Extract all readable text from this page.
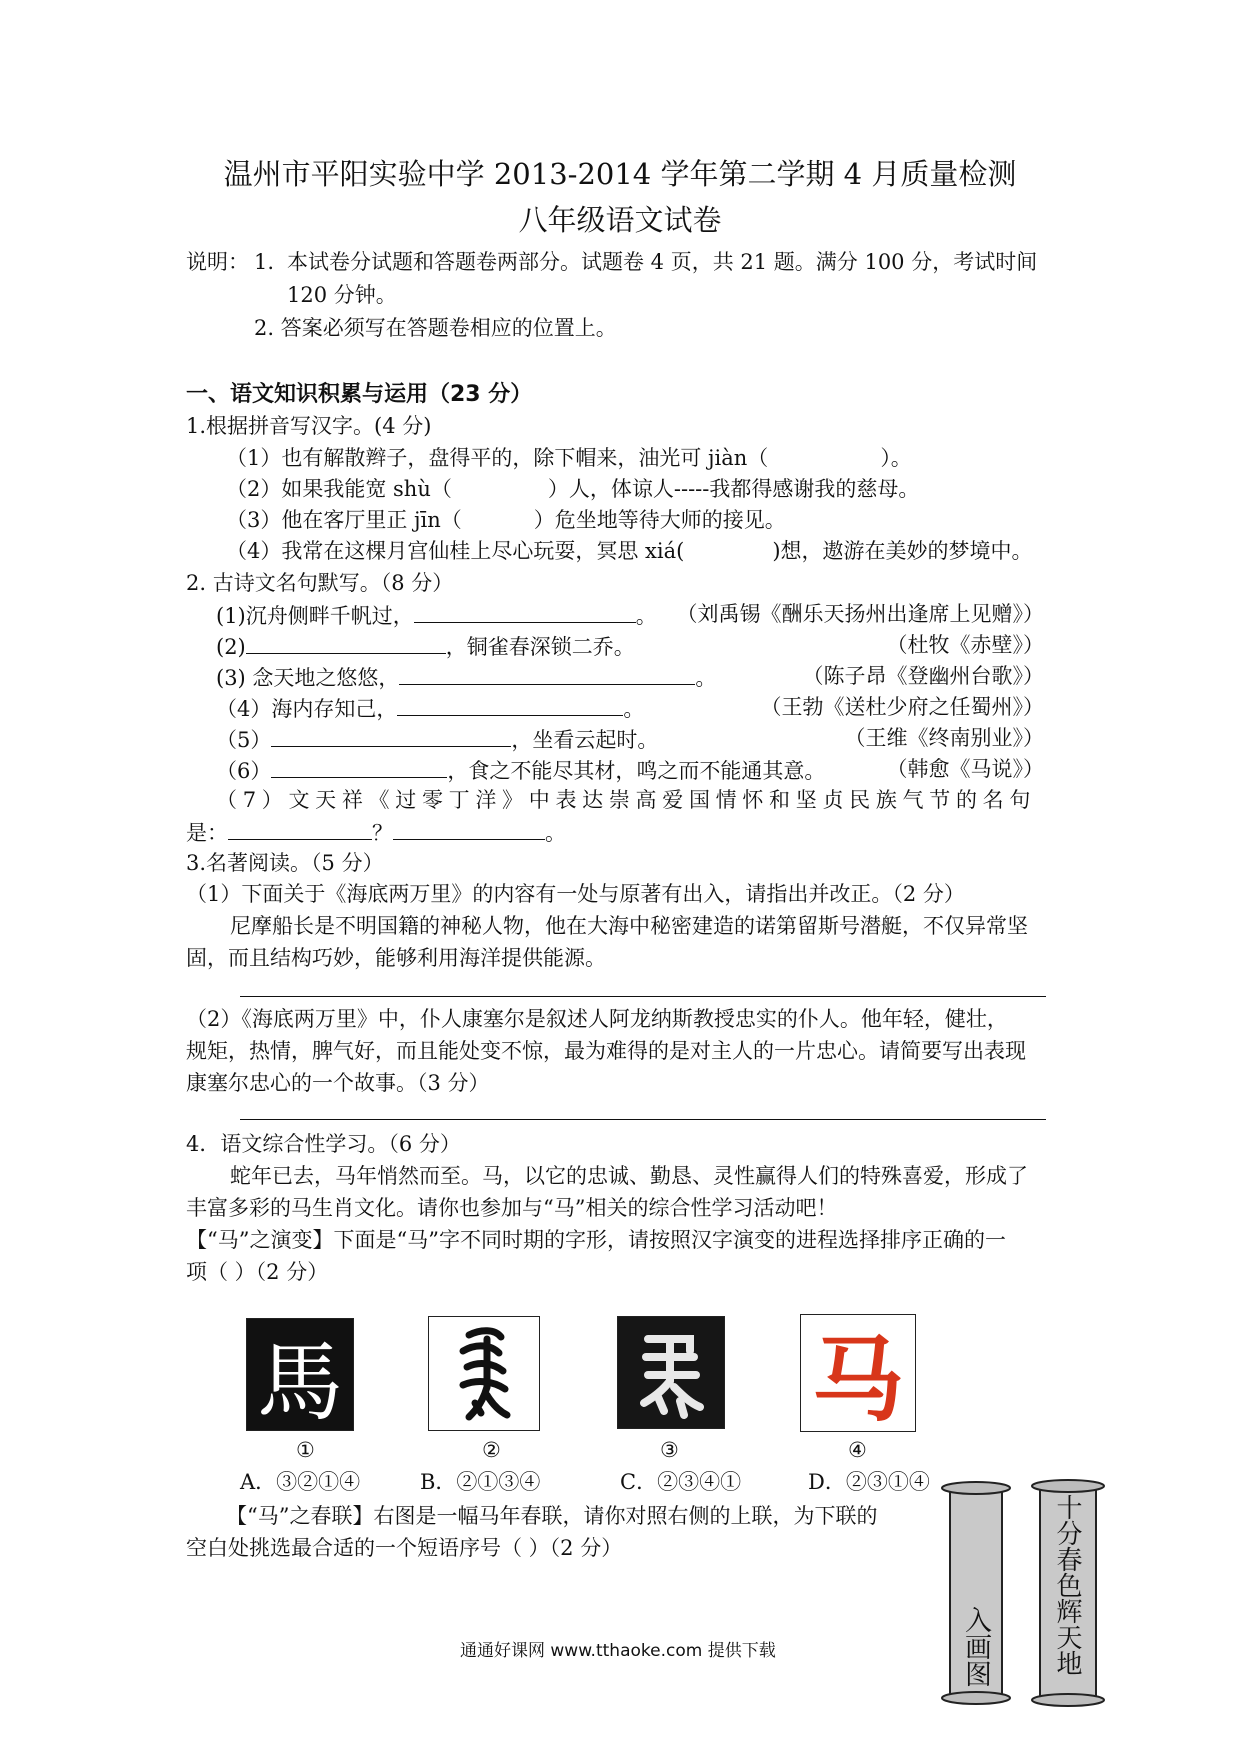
温州市平阳实验中学 2013-2014 学年第二学期 4 月质量检测
八年级语文试卷
说明： 1. 本试卷分试题和答题卷两部分。试题卷 4 页，共 21 题。满分 100 分，考试时间
120 分钟。
2. 答案必须写在答题卷相应的位置上。
一、语文知识积累与运用（23 分）
1.根据拼音写汉字。(4 分)
（1）也有解散辫子，盘得平的，除下帽来，油光可 jiàn（	）。
（2）如果我能宽 shù（	）人，体谅人-----我都得感谢我的慈母。
（3）他在客厅里正 jīn（	）危坐地等待大师的接见。
（4）我常在这棵月宫仙桂上尽心玩耍，冥思 xiá(	)想，遨游在美妙的梦境中。
2. 古诗文名句默写。（8 分）
(1)沉舟侧畔千帆过，	。 （刘禹锡《酬乐天扬州出逢席上见赠》）
(2)	，铜雀春深锁二乔。	（杜牧《赤壁》）
(3) 念天地之悠悠，	。	（陈子昂《登幽州台歌》）
（4）海内存知己，	。	（王勃《送杜少府之任蜀州》）
（5）	，坐看云起时。	（王维《终南别业》）
（6）	，食之不能尽其材，鸣之而不能通其意。	（韩愈《马说》）
（7）文天祥《过零丁洋》中表达崇高爱国情怀和坚贞民族气节的名句
是：	？	。
3.名著阅读。（5 分）
（1）下面关于《海底两万里》的内容有一处与原著有出入，请指出并改正。（2 分）
尼摩船长是不明国籍的神秘人物，他在大海中秘密建造的诺第留斯号潜艇，不仅异常坚
固，而且结构巧妙，能够利用海洋提供能源。
（2）《海底两万里》中，仆人康塞尔是叙述人阿龙纳斯教授忠实的仆人。他年轻，健壮，
规矩，热情，脾气好，而且能处变不惊，最为难得的是对主人的一片忠心。请简要写出表现
康塞尔忠心的一个故事。（3 分）
4．语文综合性学习。（6 分）
蛇年已去，马年悄然而至。马，以它的忠诚、勤恳、灵性赢得人们的特殊喜爱，形成了
丰富多彩的马生肖文化。请你也参加与“马”相关的综合性学习活动吧！
【“马”之演变】下面是“马”字不同时期的字形，请按照汉字演变的进程选择排序正确的一
项（ ）（2 分）
馬	马
①	②	③	④
A．③②①④	B．②①③④	C．②③④①	D．②③①④
【“马”之春联】右图是一幅马年春联，请你对照右侧的上联，为下联的
空白处挑选最合适的一个短语序号（ ）（2 分）
入画图 十分春色辉天地
通通好课网 www.tthaoke.com 提供下载
